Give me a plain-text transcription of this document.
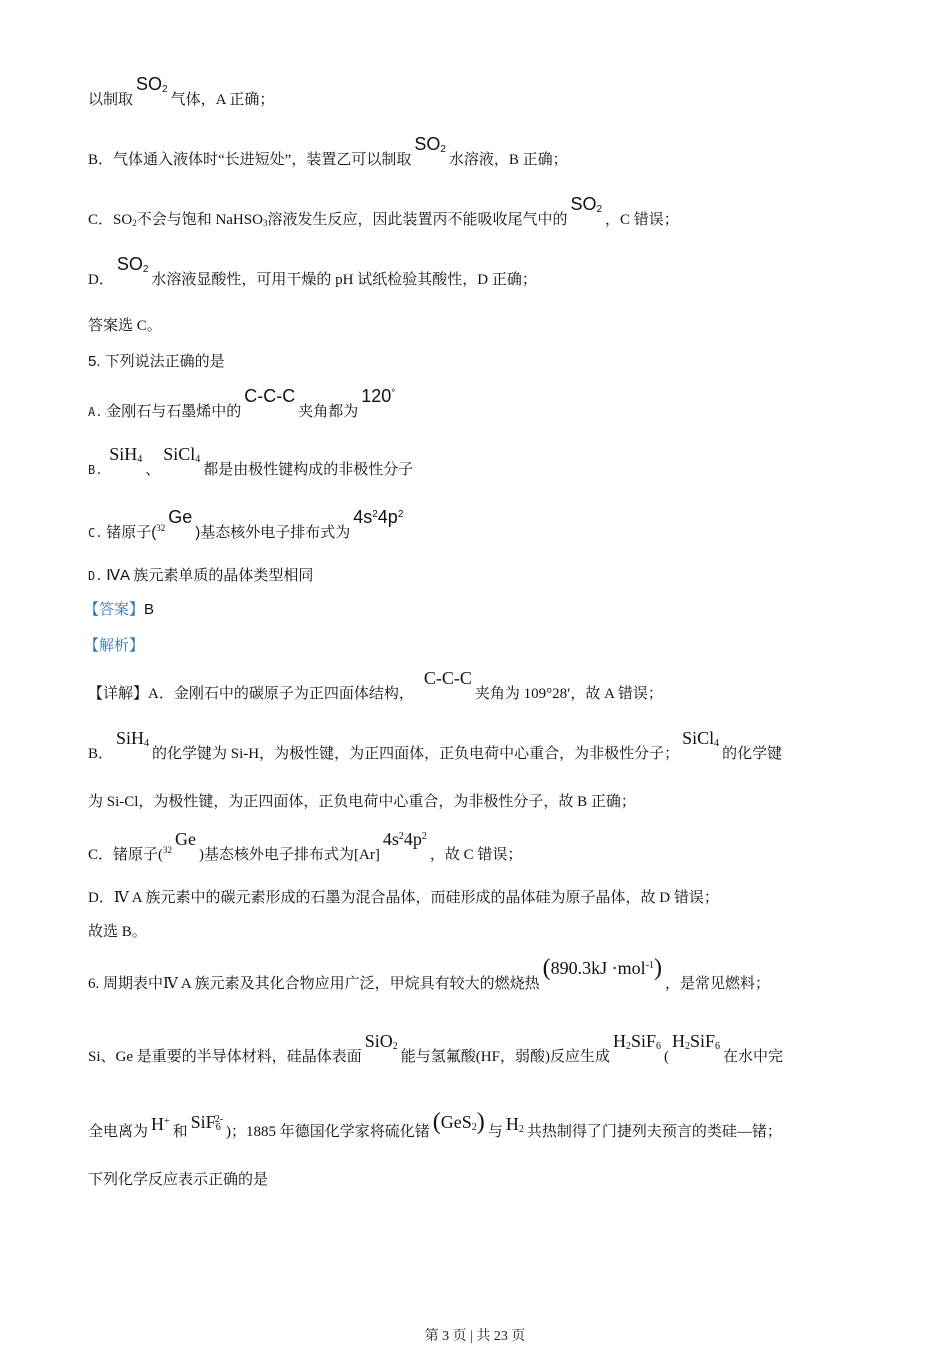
以制取$SO_2$气体，A 正确；
B．气体通入液体时“长进短处”，装置乙可以制取$SO_2$水溶液，B 正确；
C．$SO_2$不会与饱和 NaHSO$_3$溶液发生反应，因此装置丙不能吸收尾气中的$SO_2$，C 错误；
D．$SO_2$水溶液显酸性，可用干燥的 pH 试纸检验其酸性，D 正确；
答案选 C。
5. 下列说法正确的是
A. 金刚石与石墨烯中的C-C-C夹角都为120°
B. SiH$_4$、SiCl$_4$都是由极性键构成的非极性分子
C. 锗原子($^{32}$Ge)基态核外电子排布式为$4s^24p^2$
D. ⅣA 族元素单质的晶体类型相同
【答案】B
【解析】
【详解】A．金刚石中的碳原子为正四面体结构，C-C-C夹角为 109°28′，故 A 错误；
B．SiH$_4$的化学键为 Si-H，为极性键，为正四面体，正负电荷中心重合，为非极性分子；SiCl$_4$的化学键
为 Si-Cl，为极性键，为正四面体，正负电荷中心重合，为非极性分子，故 B 正确；
C．锗原子($^{32}$Ge)基态核外电子排布式为$[Ar]4s^24p^2$，故 C 错误；
D．Ⅳ A 族元素中的碳元素形成的石墨为混合晶体，而硅形成的晶体硅为原子晶体，故 D 错误；
故选 B。
6. 周期表中Ⅳ A 族元素及其化合物应用广泛，甲烷具有较大的燃烧热(890.3kJ ·mol$^{-1}$)，是常见燃料；
Si、Ge 是重要的半导体材料，硅晶体表面SiO$_2$能与氢氟酸(HF，弱酸)反应生成$H_2SiF_6(H_2SiF_6$在水中完
全电离为 H+和 SiF$_6^{2-}$)；1885 年德国化学家将硫化锗 (GeS$_2$) 与 $H_2$ 共热制得了门捷列夫预言的类硅—锗；
下列化学反应表示正确的是
第 3 页 | 共 23 页
